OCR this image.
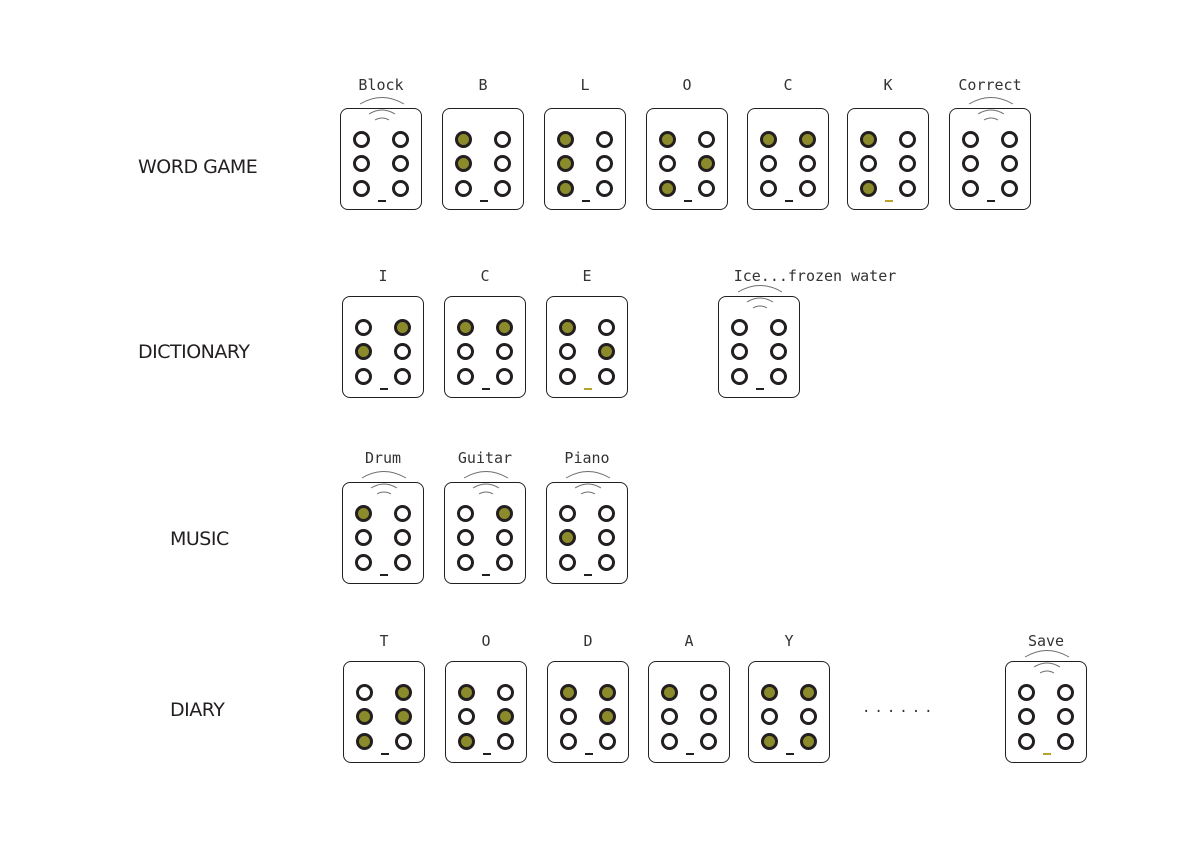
WORD GAME
Block	B	L	O	C	K	Correct
DICTIONARY
I	C	E	Ice...frozen water
MUSIC
Drum	Guitar	Piano
DIARY
T	O	D	A	Y	Save
......
